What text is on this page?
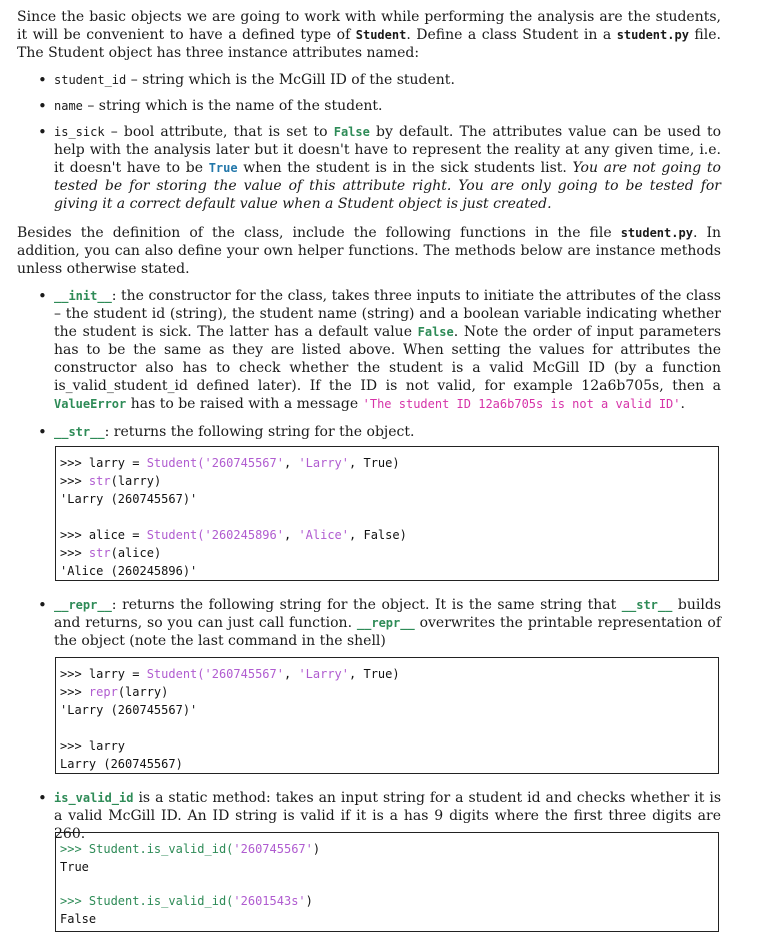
Since the basic objects we are going to work with while performing the analysis are the students, it will be convenient to have a defined type of Student. Define a class Student in a student.py file. The Student object has three instance attributes named:

• student_id – string which is the McGill ID of the student.
• name – string which is the name of the student.
• is_sick – bool attribute, that is set to False by default. The attributes value can be used to help with the analysis later but it doesn't have to represent the reality at any given time, i.e. it doesn't have to be True when the student is in the sick students list. You are not going to tested be for storing the value of this attribute right. You are only going to be tested for giving it a correct default value when a Student object is just created.

Besides the definition of the class, include the following functions in the file student.py. In addition, you can also define your own helper functions. The methods below are instance methods unless otherwise stated.

• __init__: the constructor for the class, takes three inputs to initiate the attributes of the class – the student id (string), the student name (string) and a boolean variable indicating whether the student is sick. The latter has a default value False. Note the order of input parameters has to be the same as they are listed above. When setting the values for attributes the constructor also has to check whether the student is a valid McGill ID (by a function is_valid_student_id defined later). If the ID is not valid, for example 12a6b705s, then a ValueError has to be raised with a message 'The student ID 12a6b705s is not a valid ID'.
• __str__: returns the following string for the object.
>>> larry = Student('260745567', 'Larry', True)
>>> str(larry)
'Larry (260745567)'
>>> alice = Student('260245896', 'Alice', False)
>>> str(alice)
'Alice (260245896)'
• __repr__: returns the following string for the object. It is the same string that __str__ builds and returns, so you can just call function. __repr__ overwrites the printable representation of the object (note the last command in the shell)
>>> larry = Student('260745567', 'Larry', True)
>>> repr(larry)
'Larry (260745567)'
>>> larry
Larry (260745567)
• is_valid_id is a static method: takes an input string for a student id and checks whether it is a valid McGill ID. An ID string is valid if it is a has 9 digits where the first three digits are 260.
>>> Student.is_valid_id('260745567')
True
>>> Student.is_valid_id('2601543s')
False
